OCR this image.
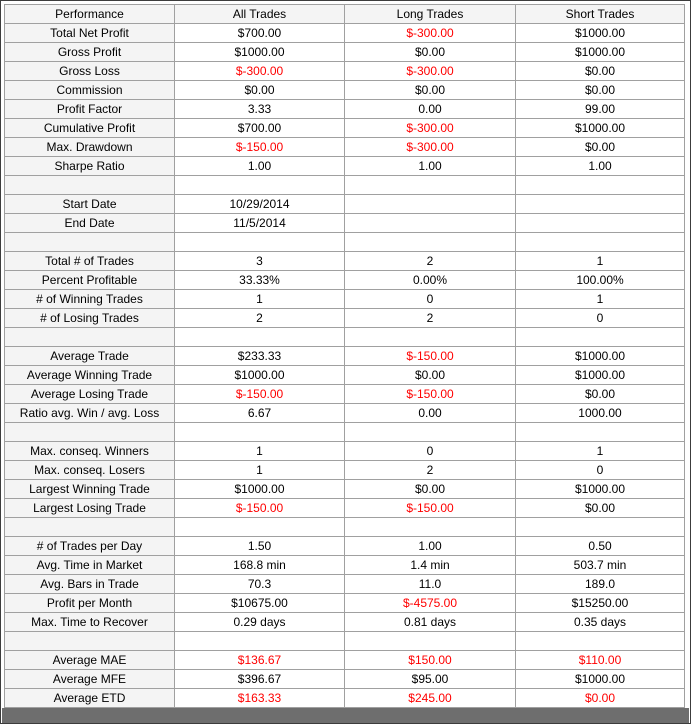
Performance	All Trades	Long Trades	Short Trades
Total Net Profit	$700.00	$-300.00	$1000.00
Gross Profit	$1000.00	$0.00	$1000.00
Gross Loss	$-300.00	$-300.00	$0.00
Commission	$0.00	$0.00	$0.00
Profit Factor	3.33	0.00	99.00
Cumulative Profit	$700.00	$-300.00	$1000.00
Max. Drawdown	$-150.00	$-300.00	$0.00
Sharpe Ratio	1.00	1.00	1.00

Start Date	10/29/2014		
End Date	11/5/2014		

Total # of Trades	3	2	1
Percent Profitable	33.33%	0.00%	100.00%
# of Winning Trades	1	0	1
# of Losing Trades	2	2	0

Average Trade	$233.33	$-150.00	$1000.00
Average Winning Trade	$1000.00	$0.00	$1000.00
Average Losing Trade	$-150.00	$-150.00	$0.00
Ratio avg. Win / avg. Loss	6.67	0.00	1000.00

Max. conseq. Winners	1	0	1
Max. conseq. Losers	1	2	0
Largest Winning Trade	$1000.00	$0.00	$1000.00
Largest Losing Trade	$-150.00	$-150.00	$0.00

# of Trades per Day	1.50	1.00	0.50
Avg. Time in Market	168.8 min	1.4 min	503.7 min
Avg. Bars in Trade	70.3	11.0	189.0
Profit per Month	$10675.00	$-4575.00	$15250.00
Max. Time to Recover	0.29 days	0.81 days	0.35 days

Average MAE	$136.67	$150.00	$110.00
Average MFE	$396.67	$95.00	$1000.00
Average ETD	$163.33	$245.00	$0.00
